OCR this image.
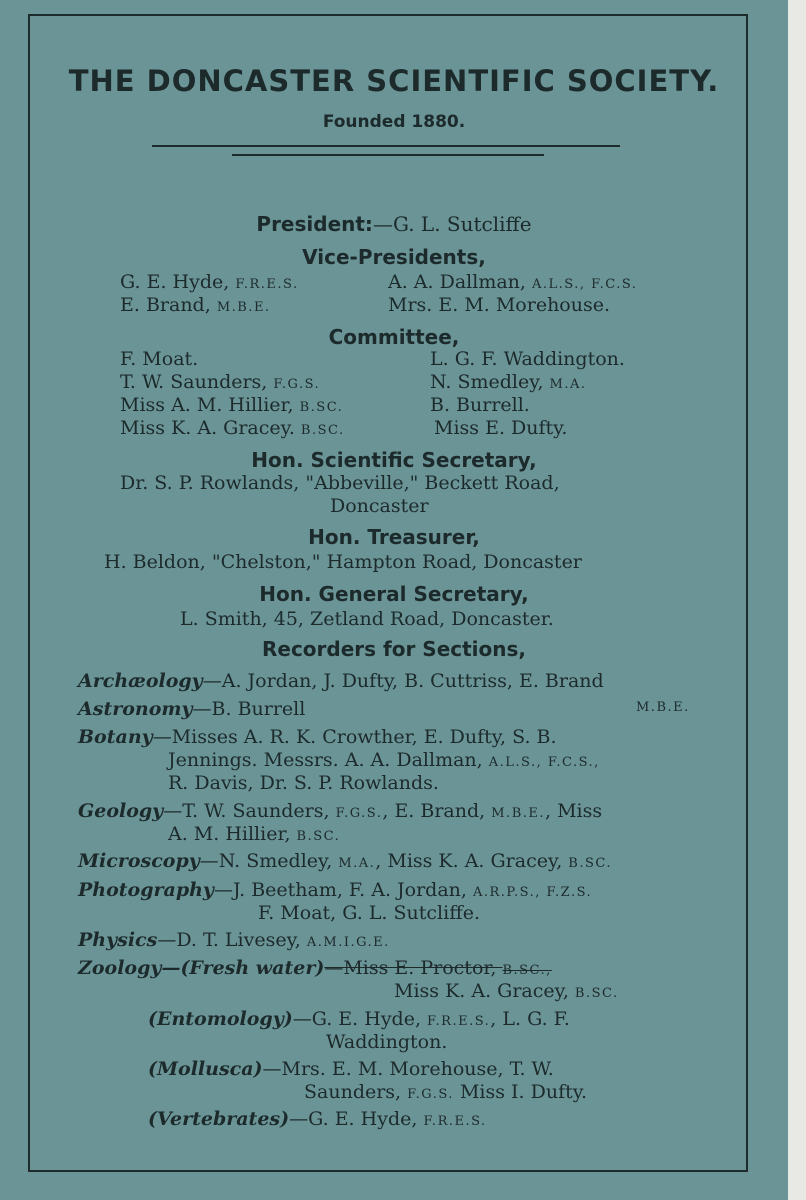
THE DONCASTER SCIENTIFIC SOCIETY.
Founded 1880.
President:—G. L. Sutcliffe
Vice-Presidents,
G. E. Hyde, F.R.E.S.
E. Brand, M.B.E.
A. A. Dallman, A.L.S., F.C.S.
Mrs. E. M. Morehouse.
Committee,
F. Moat.
T. W. Saunders, F.G.S.
Miss A. M. Hillier, B.SC.
Miss K. A. Gracey. B.SC.
L. G. F. Waddington.
N. Smedley, M.A.
B. Burrell.
Miss E. Dufty.
Hon. Scientific Secretary,
Dr. S. P. Rowlands, "Abbeville," Beckett Road,
Doncaster
Hon. Treasurer,
H. Beldon, "Chelston," Hampton Road, Doncaster
Hon. General Secretary,
L. Smith, 45, Zetland Road, Doncaster.
Recorders for Sections,
Archæology—A. Jordan, J. Dufty, B. Cuttriss, E. Brand
Astronomy—B. Burrell	M.B.E.
Botany—Misses A. R. K. Crowther, E. Dufty, S. B.
Jennings. Messrs. A. A. Dallman, A.L.S., F.C.S.,
R. Davis, Dr. S. P. Rowlands.
Geology—T. W. Saunders, F.G.S., E. Brand, M.B.E., Miss
A. M. Hillier, B.SC.
Microscopy—N. Smedley, M.A., Miss K. A. Gracey, B.SC.
Photography—J. Beetham, F. A. Jordan, A.R.P.S., F.Z.S.
F. Moat, G. L. Sutcliffe.
Physics—D. T. Livesey, A.M.I.G.E.
Zoology—(Fresh water)—Miss E. Proctor, B.SC.,
Miss K. A. Gracey, B.SC.
(Entomology)—G. E. Hyde, F.R.E.S., L. G. F.
Waddington.
(Mollusca)—Mrs. E. M. Morehouse, T. W.
Saunders, F.G.S. Miss I. Dufty.
(Vertebrates)—G. E. Hyde, F.R.E.S.
